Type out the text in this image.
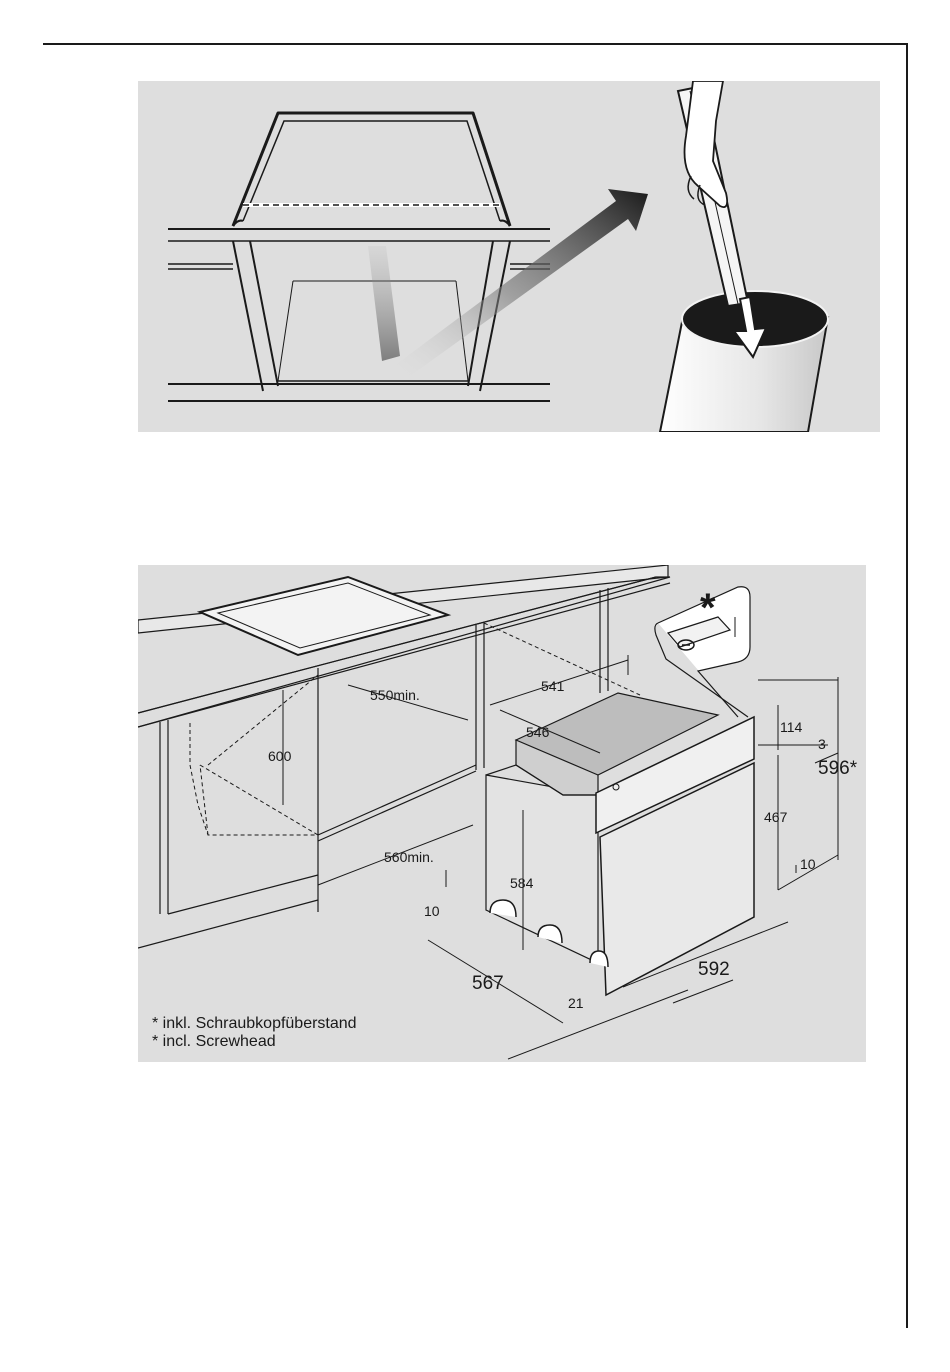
*
550min.
600
560min.
541
546
584
114
3
596*
467
10
10
567
21
592
* inkl. Schraubkopfüberstand
* incl. Screwhead
